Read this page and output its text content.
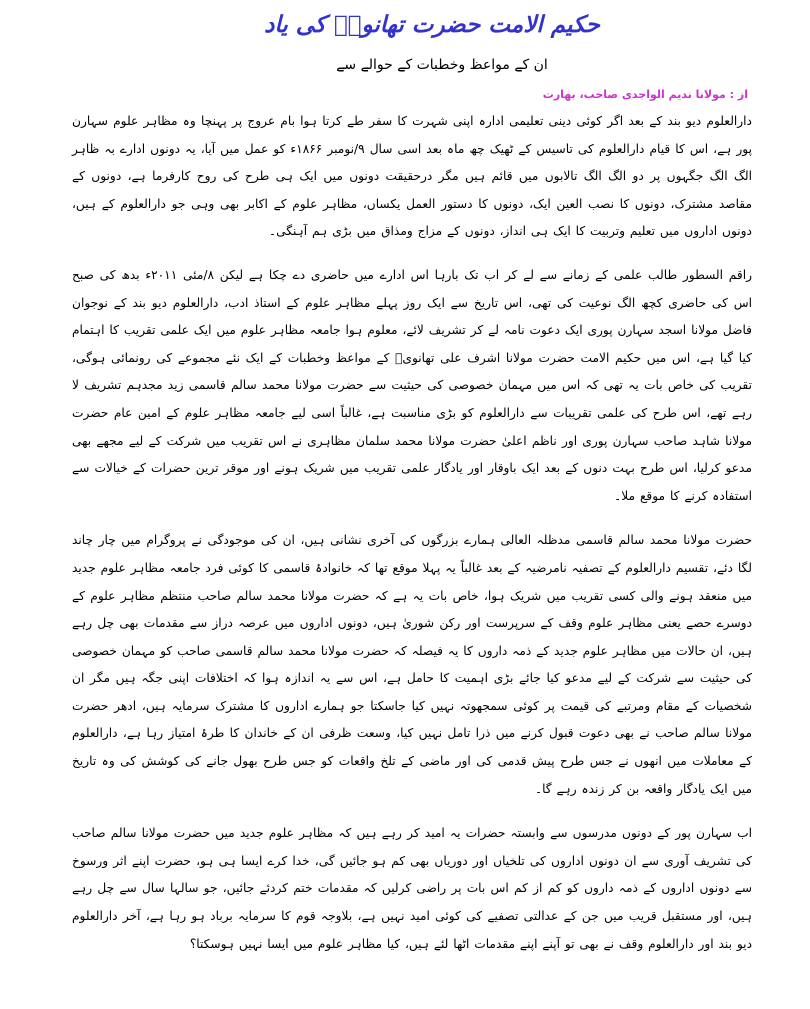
حکیم الامت حضرت تھانویؒ کی یاد
ان کے مواعظ وخطبات کے حوالے سے
از : مولانا ندیم الواجدی صاحب، بھارت

دارالعلوم دیو بند کے بعد اگر کوئی دینی تعلیمی ادارہ اپنی شہرت کا سفر طے کرتا ہوا بام عروج پر پہنچا وہ مظاہر علوم سہارن پور ہے، اس کا قیام دارالعلوم کی تاسیس کے ٹھیک چھ ماہ بعد اسی سال ۹/نومبر ۱۸۶۶ء کو عمل میں آیا، یہ دونوں ادارے بہ ظاہر الگ الگ جگہوں پر دو الگ الگ تالابوں میں قائم ہیں مگر درحقیقت دونوں میں ایک ہی طرح کی روح کارفرما ہے، دونوں کے مقاصد مشترک، دونوں کا نصب العین ایک، دونوں کا دستور العمل یکساں، مظاہر علوم کے اکابر بھی وہی جو دارالعلوم کے ہیں، دونوں اداروں میں تعلیم وتربیت کا ایک ہی انداز، دونوں کے مزاج ومذاق میں بڑی ہم آہنگی۔

راقم السطور طالب علمی کے زمانے سے لے کر اب تک بارہا اس ادارے میں حاضری دے چکا ہے لیکن ۸/مئی ۲۰۱۱ء بدھ کی صبح اس کی حاضری کچھ الگ نوعیت کی تھی، اس تاریخ سے ایک روز پہلے مظاہر علوم کے استاذ ادب، دارالعلوم دیو بند کے نوجوان فاضل مولانا اسجد سہارن پوری ایک دعوت نامہ لے کر تشریف لائے، معلوم ہوا جامعہ مظاہر علوم میں ایک علمی تقریب کا اہتمام کیا گیا ہے، اس میں حکیم الامت حضرت مولانا اشرف علی تھانویؒ کے مواعظ وخطبات کے ایک نئے مجموعے کی رونمائی ہوگی، تقریب کی خاص بات یہ تھی کہ اس میں مہمان خصوصی کی حیثیت سے حضرت مولانا محمد سالم قاسمی زید مجدہم تشریف لا رہے تھے، اس طرح کی علمی تقریبات سے دارالعلوم کو بڑی مناسبت ہے، غالباً اسی لیے جامعہ مظاہر علوم کے امین عام حضرت مولانا شاہد صاحب سہارن پوری اور ناظم اعلیٰ حضرت مولانا محمد سلمان مظاہری نے اس تقریب میں شرکت کے لیے مجھے بھی مدعو کرلیا، اس طرح بہت دنوں کے بعد ایک باوقار اور یادگار علمی تقریب میں شریک ہونے اور موقر ترین حضرات کے خیالات سے استفادہ کرنے کا موقع ملا۔

حضرت مولانا محمد سالم قاسمی مدظلہ العالی ہمارے بزرگوں کی آخری نشانی ہیں، ان کی موجودگی نے پروگرام میں چار چاند لگا دئے، تقسیم دارالعلوم کے تصفیہ نامرضیہ کے بعد غالباً یہ پہلا موقع تھا کہ خانوادۂ قاسمی کا کوئی فرد جامعہ مظاہر علوم جدید میں منعقد ہونے والی کسی تقریب میں شریک ہوا، خاص بات یہ ہے کہ حضرت مولانا محمد سالم صاحب منتظم مظاہر علوم کے دوسرے حصے یعنی مظاہر علوم وقف کے سرپرست اور رکن شوریٰ ہیں، دونوں اداروں میں عرصہ دراز سے مقدمات بھی چل رہے ہیں، ان حالات میں مظاہر علوم جدید کے ذمہ داروں کا یہ فیصلہ کہ حضرت مولانا محمد سالم قاسمی صاحب کو مہمان خصوصی کی حیثیت سے شرکت کے لیے مدعو کیا جائے بڑی اہمیت کا حامل ہے، اس سے یہ اندازہ ہوا کہ اختلافات اپنی جگہ ہیں مگر ان شخصیات کے مقام ومرتبے کی قیمت پر کوئی سمجھوتہ نہیں کیا جاسکتا جو ہمارے اداروں کا مشترک سرمایہ ہیں، ادھر حضرت مولانا سالم صاحب نے بھی دعوت قبول کرنے میں ذرا تامل نہیں کیا، وسعت ظرفی ان کے خاندان کا طرۂ امتیاز رہا ہے، دارالعلوم کے معاملات میں انھوں نے جس طرح پیش قدمی کی اور ماضی کے تلخ واقعات کو جس طرح بھول جانے کی کوشش کی وہ تاریخ میں ایک یادگار واقعہ بن کر زندہ رہے گا۔

اب سہارن پور کے دونوں مدرسوں سے وابستہ حضرات یہ امید کر رہے ہیں کہ مظاہر علوم جدید میں حضرت مولانا سالم صاحب کی تشریف آوری سے ان دونوں اداروں کی تلخیاں اور دوریاں بھی کم ہو جائیں گی، خدا کرے ایسا ہی ہو، حضرت اپنے اثر ورسوخ سے دونوں اداروں کے ذمہ داروں کو کم از کم اس بات پر راضی کرلیں کہ مقدمات ختم کردئے جائیں، جو سالہا سال سے چل رہے ہیں، اور مستقبل قریب میں جن کے عدالتی تصفیے کی کوئی امید نہیں ہے، بلاوجہ قوم کا سرمایہ برباد ہو رہا ہے، آخر دارالعلوم دیو بند اور دارالعلوم وقف نے بھی تو آپنے اپنے مقدمات اٹھا لئے ہیں، کیا مظاہر علوم میں ایسا نہیں ہوسکتا؟
